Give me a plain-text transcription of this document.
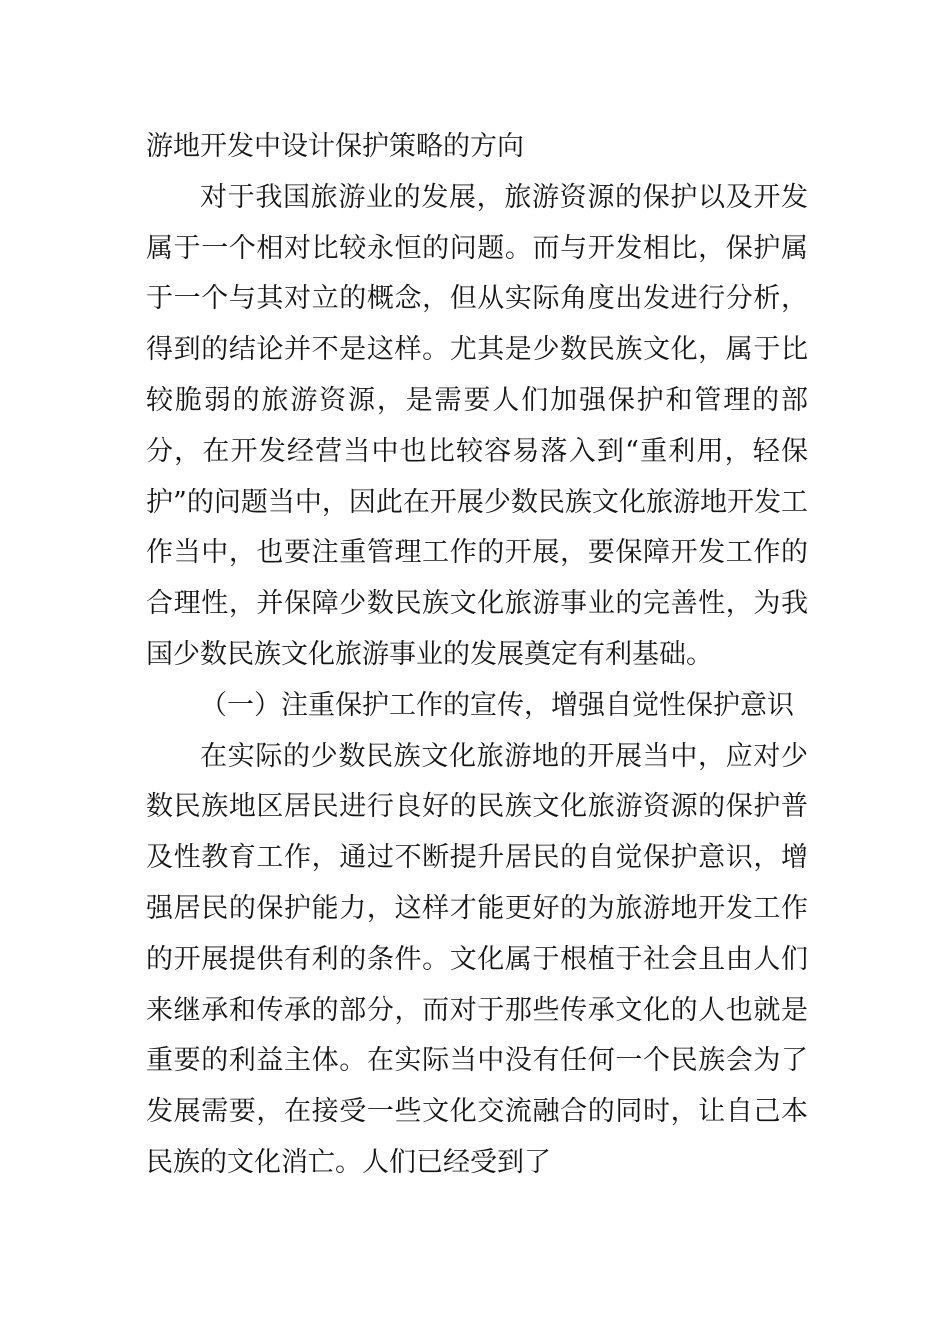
游地开发中设计保护策略的方向

对于我国旅游业的发展，旅游资源的保护以及开发属于一个相对比较永恒的问题。而与开发相比，保护属于一个与其对立的概念，但从实际角度出发进行分析，得到的结论并不是这样。尤其是少数民族文化，属于比较脆弱的旅游资源，是需要人们加强保护和管理的部分，在开发经营当中也比较容易落入到“重利用，轻保护”的问题当中，因此在开展少数民族文化旅游地开发工作当中，也要注重管理工作的开展，要保障开发工作的合理性，并保障少数民族文化旅游事业的完善性，为我国少数民族文化旅游事业的发展奠定有利基础。

（一）注重保护工作的宣传，增强自觉性保护意识

在实际的少数民族文化旅游地的开展当中，应对少数民族地区居民进行良好的民族文化旅游资源的保护普及性教育工作，通过不断提升居民的自觉保护意识，增强居民的保护能力，这样才能更好的为旅游地开发工作的开展提供有利的条件。文化属于根植于社会且由人们来继承和传承的部分，而对于那些传承文化的人也就是重要的利益主体。在实际当中没有任何一个民族会为了发展需要，在接受一些文化交流融合的同时，让自己本民族的文化消亡。人们已经受到了
